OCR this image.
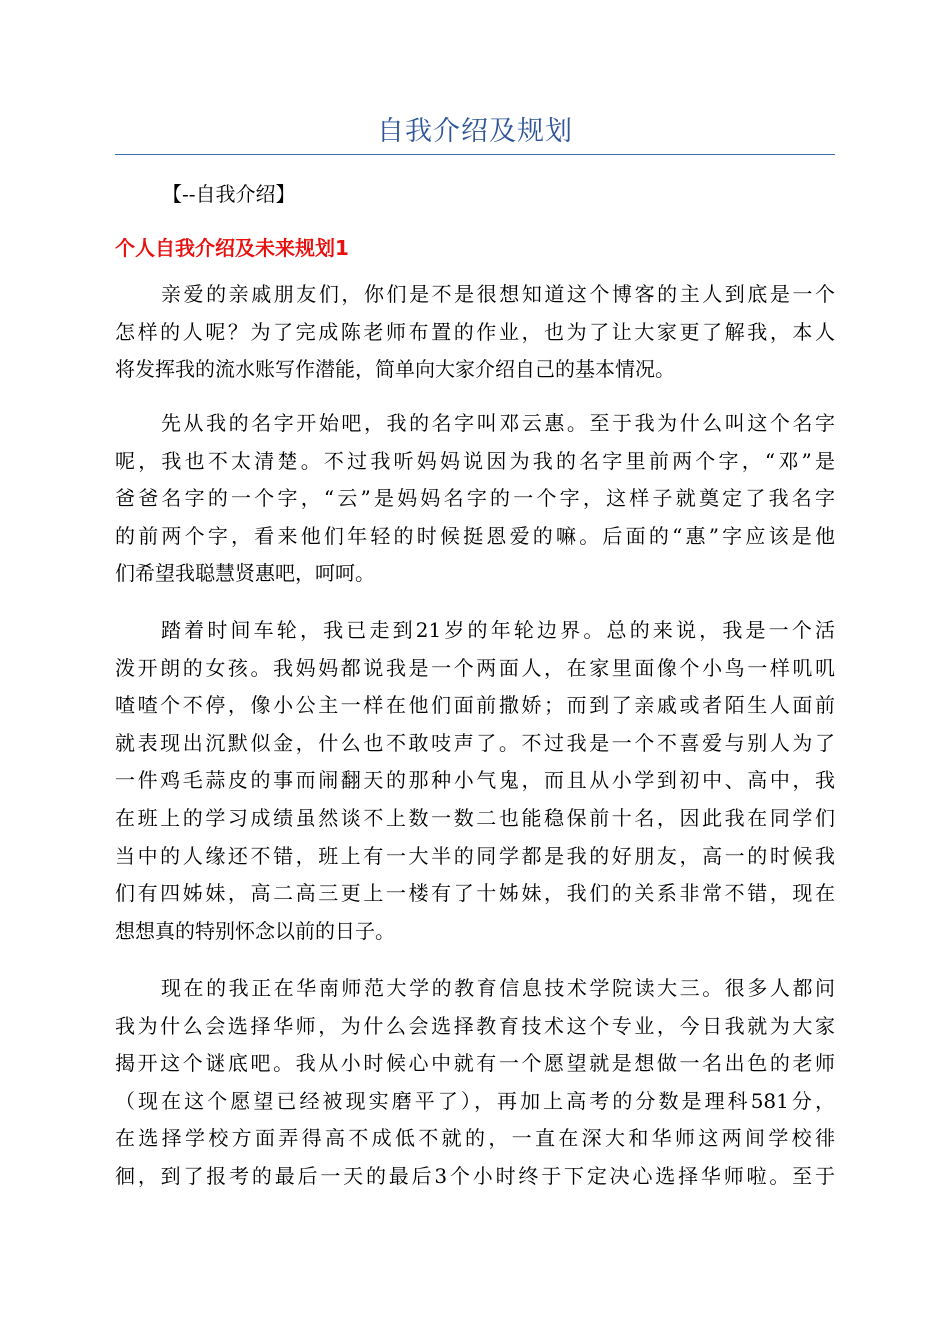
自我介绍及规划
【--自我介绍】
个人自我介绍及未来规划1
亲爱的亲戚朋友们，你们是不是很想知道这个博客的主人到底是一个
怎样的人呢？为了完成陈老师布置的作业，也为了让大家更了解我，本人
将发挥我的流水账写作潜能，简单向大家介绍自己的基本情况。
先从我的名字开始吧，我的名字叫邓云惠。至于我为什么叫这个名字
呢，我也不太清楚。不过我听妈妈说因为我的名字里前两个字，“邓”是
爸爸名字的一个字，“云”是妈妈名字的一个字，这样子就奠定了我名字
的前两个字，看来他们年轻的时候挺恩爱的嘛。后面的“惠”字应该是他
们希望我聪慧贤惠吧，呵呵。
踏着时间车轮，我已走到21岁的年轮边界。总的来说，我是一个活
泼开朗的女孩。我妈妈都说我是一个两面人，在家里面像个小鸟一样叽叽
喳喳个不停，像小公主一样在他们面前撒娇；而到了亲戚或者陌生人面前
就表现出沉默似金，什么也不敢吱声了。不过我是一个不喜爱与别人为了
一件鸡毛蒜皮的事而闹翻天的那种小气鬼，而且从小学到初中、高中，我
在班上的学习成绩虽然谈不上数一数二也能稳保前十名，因此我在同学们
当中的人缘还不错，班上有一大半的同学都是我的好朋友，高一的时候我
们有四姊妹，高二高三更上一楼有了十姊妹，我们的关系非常不错，现在
想想真的特别怀念以前的日子。
现在的我正在华南师范大学的教育信息技术学院读大三。很多人都问
我为什么会选择华师，为什么会选择教育技术这个专业，今日我就为大家
揭开这个谜底吧。我从小时候心中就有一个愿望就是想做一名出色的老师
（现在这个愿望已经被现实磨平了），再加上高考的分数是理科581分，
在选择学校方面弄得高不成低不就的，一直在深大和华师这两间学校徘
徊，到了报考的最后一天的最后3个小时终于下定决心选择华师啦。至于
